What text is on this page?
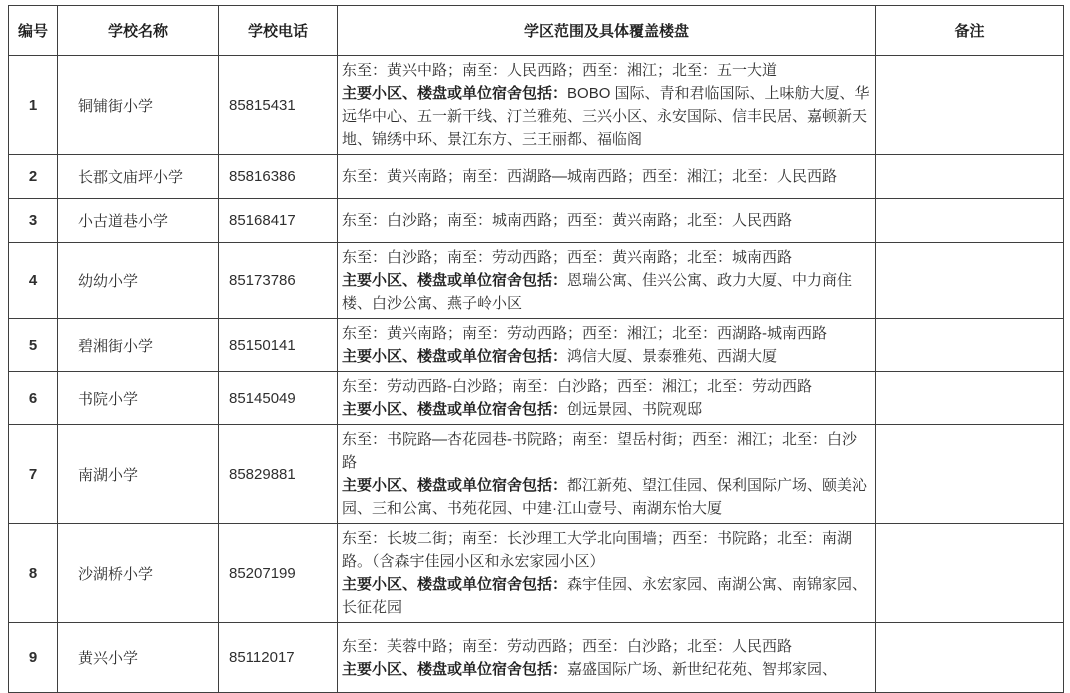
编号	学校名称	学校电话	学区范围及具体覆盖楼盘	备注
1	铜铺街小学	85815431	东至：黄兴中路；南至：人民西路；西至：湘江；北至：五一大道
主要小区、楼盘或单位宿舍包括：BOBO 国际、青和君临国际、上味舫大厦、华远华中心、五一新干线、汀兰雅苑、三兴小区、永安国际、信丰民居、嘉顿新天地、锦绣中环、景江东方、三王丽都、福临阁	

2	长郡文庙坪小学	85816386	东至：黄兴南路；南至：西湖路—城南西路；西至：湘江；北至：人民西路	

3	小古道巷小学	85168417	东至：白沙路；南至：城南西路；西至：黄兴南路；北至：人民西路	

4	幼幼小学	85173786	东至：白沙路；南至：劳动西路；西至：黄兴南路；北至：城南西路
主要小区、楼盘或单位宿舍包括：恩瑞公寓、佳兴公寓、政力大厦、中力商住楼、白沙公寓、燕子岭小区	

5	碧湘街小学	85150141	东至：黄兴南路；南至：劳动西路；西至：湘江；北至：西湖路-城南西路
主要小区、楼盘或单位宿舍包括：鸿信大厦、景泰雅苑、西湖大厦	

6	书院小学	85145049	东至：劳动西路-白沙路；南至：白沙路；西至：湘江；北至：劳动西路
主要小区、楼盘或单位宿舍包括：创远景园、书院观邸	

7	南湖小学	85829881	东至：书院路—杏花园巷-书院路；南至：望岳村街；西至：湘江；北至：白沙路
主要小区、楼盘或单位宿舍包括：都江新苑、望江佳园、保利国际广场、颐美沁园、三和公寓、书苑花园、中建·江山壹号、南湖东怡大厦	

8	沙湖桥小学	85207199	东至：长坡二街；南至：长沙理工大学北向围墙；西至：书院路；北至：南湖路。（含森宇佳园小区和永宏家园小区）
主要小区、楼盘或单位宿舍包括：森宇佳园、永宏家园、南湖公寓、南锦家园、长征花园	

9	黄兴小学	85112017	东至：芙蓉中路；南至：劳动西路；西至：白沙路；北至：人民西路
主要小区、楼盘或单位宿舍包括：嘉盛国际广场、新世纪花苑、智邦家园、	
